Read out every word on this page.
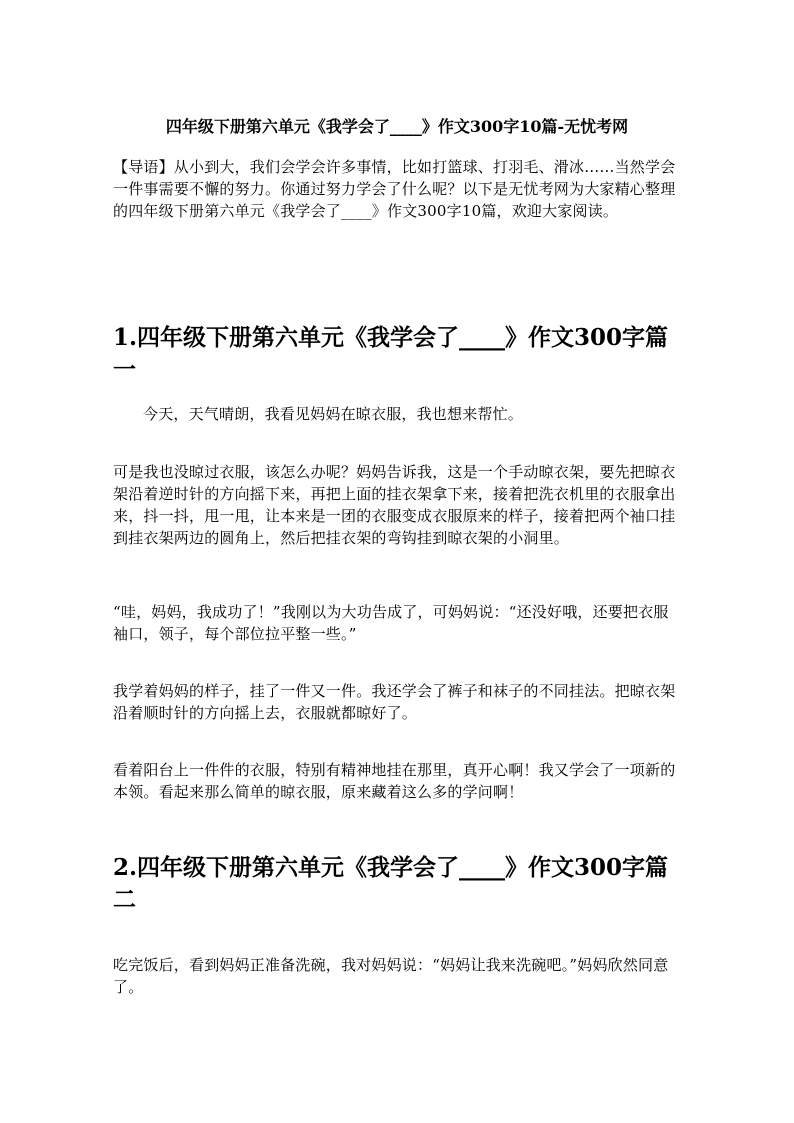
四年级下册第六单元《我学会了____》作文300字10篇-无忧考网
【导语】从小到大，我们会学会许多事情，比如打篮球、打羽毛、滑冰……当然学会一件事需要不懈的努力。你通过努力学会了什么呢？以下是无忧考网为大家精心整理的四年级下册第六单元《我学会了____》作文300字10篇，欢迎大家阅读。
1.四年级下册第六单元《我学会了____》作文300字篇一
今天，天气晴朗，我看见妈妈在晾衣服，我也想来帮忙。
可是我也没晾过衣服，该怎么办呢？妈妈告诉我，这是一个手动晾衣架，要先把晾衣架沿着逆时针的方向摇下来，再把上面的挂衣架拿下来，接着把洗衣机里的衣服拿出来，抖一抖，甩一甩，让本来是一团的衣服变成衣服原来的样子，接着把两个袖口挂到挂衣架两边的圆角上，然后把挂衣架的弯钩挂到晾衣架的小洞里。
“哇，妈妈，我成功了！”我刚以为大功告成了，可妈妈说：“还没好哦，还要把衣服袖口，领子，每个部位拉平整一些。”
我学着妈妈的样子，挂了一件又一件。我还学会了裤子和袜子的不同挂法。把晾衣架沿着顺时针的方向摇上去，衣服就都晾好了。
看着阳台上一件件的衣服，特别有精神地挂在那里，真开心啊！我又学会了一项新的本领。看起来那么简单的晾衣服，原来藏着这么多的学问啊！
2.四年级下册第六单元《我学会了____》作文300字篇二
吃完饭后，看到妈妈正准备洗碗，我对妈妈说：“妈妈让我来洗碗吧。”妈妈欣然同意了。
